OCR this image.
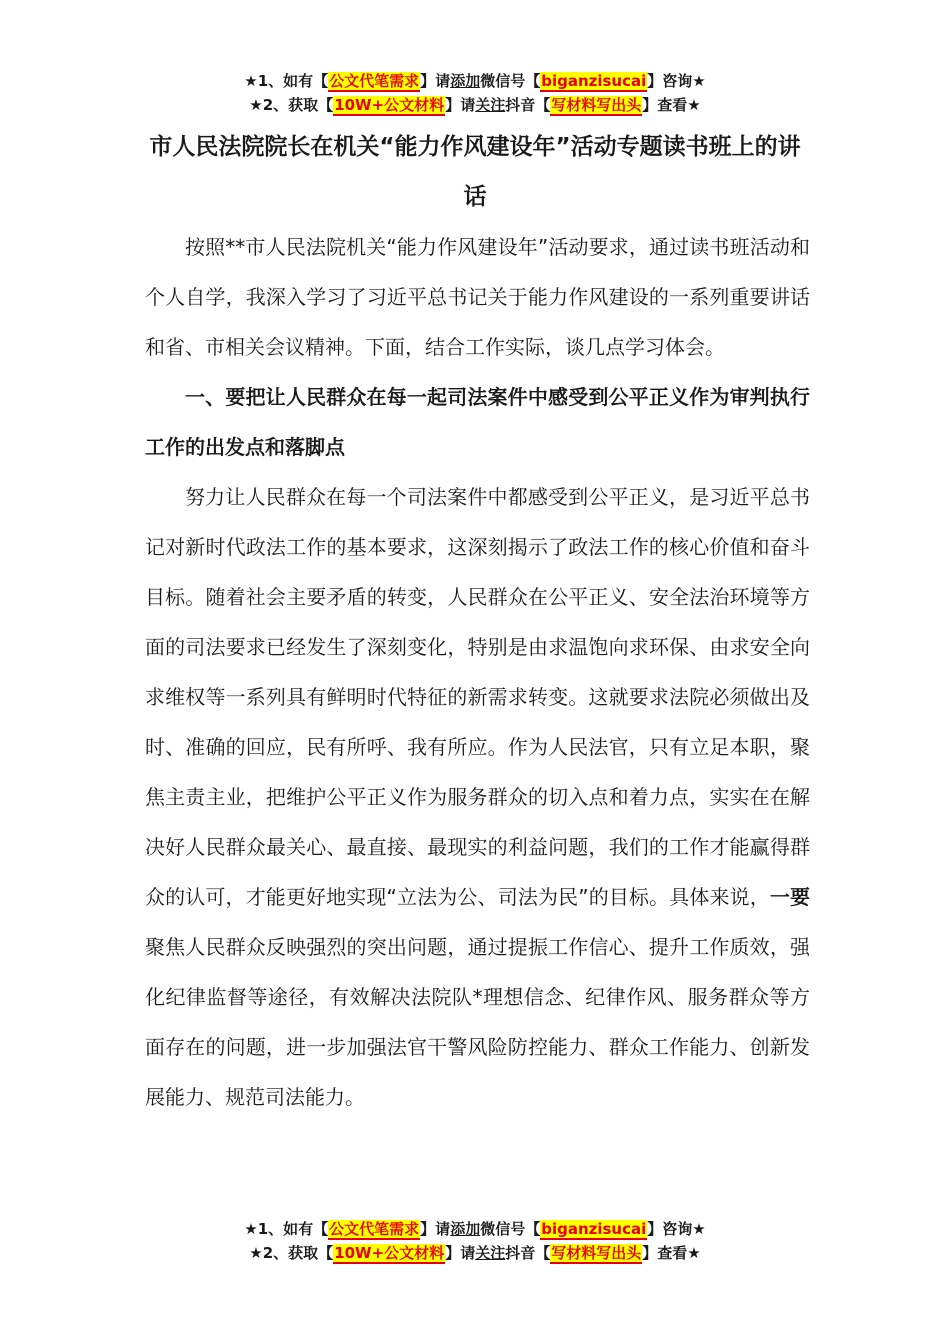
★1、如有【公文代笔需求】请添加微信号【biganzisucai】咨询★
★2、获取【10W+公文材料】请关注抖音【写材料写出头】查看★
市人民法院院长在机关“能力作风建设年”活动专题读书班上的讲话

按照**市人民法院机关“能力作风建设年”活动要求，通过读书班活动和个人自学，我深入学习了习近平总书记关于能力作风建设的一系列重要讲话和省、市相关会议精神。下面，结合工作实际，谈几点学习体会。

一、要把让人民群众在每一起司法案件中感受到公平正义作为审判执行工作的出发点和落脚点

努力让人民群众在每一个司法案件中都感受到公平正义，是习近平总书记对新时代政法工作的基本要求，这深刻揭示了政法工作的核心价值和奋斗目标。随着社会主要矛盾的转变，人民群众在公平正义、安全法治环境等方面的司法要求已经发生了深刻变化，特别是由求温饱向求环保、由求安全向求维权等一系列具有鲜明时代特征的新需求转变。这就要求法院必须做出及时、准确的回应，民有所呼、我有所应。作为人民法官，只有立足本职，聚焦主责主业，把维护公平正义作为服务群众的切入点和着力点，实实在在解决好人民群众最关心、最直接、最现实的利益问题，我们的工作才能赢得群众的认可，才能更好地实现“立法为公、司法为民”的目标。具体来说，一要聚焦人民群众反映强烈的突出问题，通过提振工作信心、提升工作质效，强化纪律监督等途径，有效解决法院队*理想信念、纪律作风、服务群众等方面存在的问题，进一步加强法官干警风险防控能力、群众工作能力、创新发展能力、规范司法能力。

★1、如有【公文代笔需求】请添加微信号【biganzisucai】咨询★
★2、获取【10W+公文材料】请关注抖音【写材料写出头】查看★
